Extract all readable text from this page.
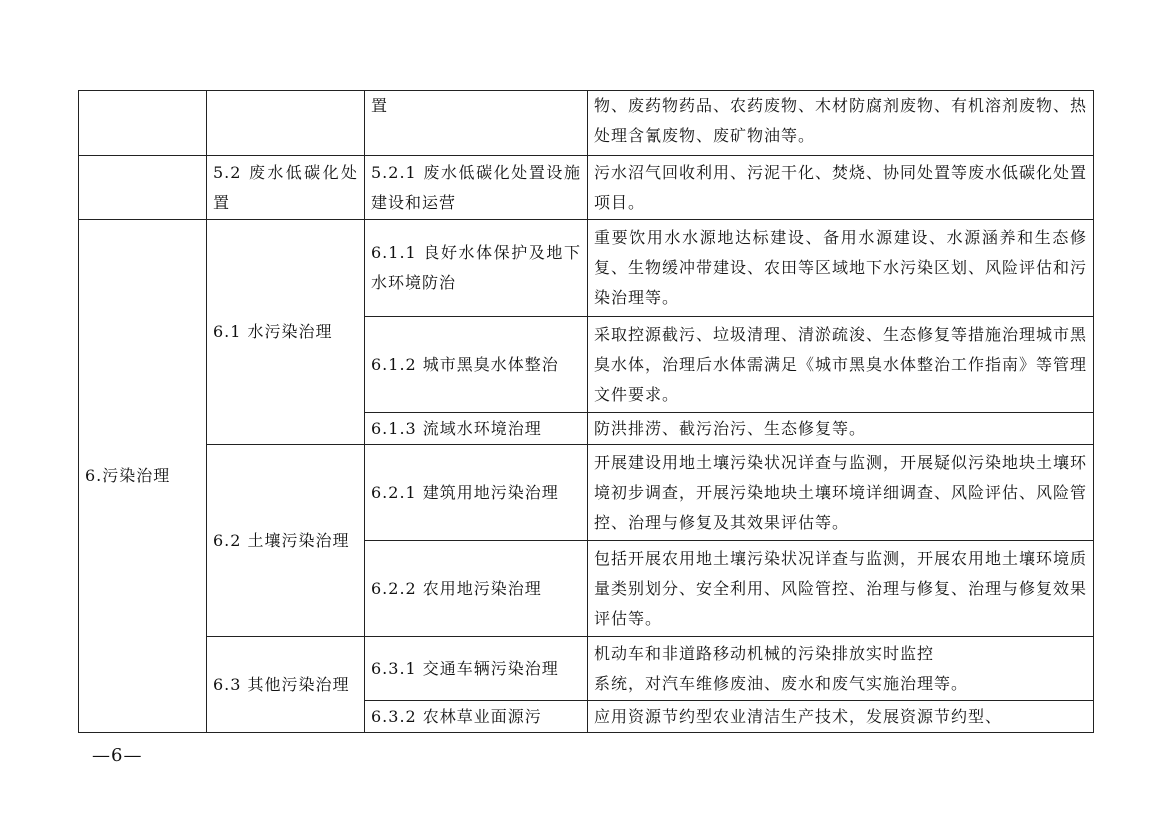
		置	物、废药物药品、农药废物、木材防腐剂废物、有机溶剂废物、热处理含氰废物、废矿物油等。
	5.2 废水低碳化处置	5.2.1 废水低碳化处置设施建设和运营	污水沼气回收利用、污泥干化、焚烧、协同处置等废水低碳化处置项目。
6.污染治理	6.1 水污染治理	6.1.1 良好水体保护及地下水环境防治	重要饮用水水源地达标建设、备用水源建设、水源涵养和生态修复、生物缓冲带建设、农田等区域地下水污染区划、风险评估和污染治理等。
		6.1.2 城市黑臭水体整治	采取控源截污、垃圾清理、清淤疏浚、生态修复等措施治理城市黑臭水体，治理后水体需满足《城市黑臭水体整治工作指南》等管理文件要求。
		6.1.3 流域水环境治理	防洪排涝、截污治污、生态修复等。
	6.2 土壤污染治理	6.2.1 建筑用地污染治理	开展建设用地土壤污染状况详查与监测，开展疑似污染地块土壤环境初步调查，开展污染地块土壤环境详细调查、风险评估、风险管控、治理与修复及其效果评估等。
		6.2.2 农用地污染治理	包括开展农用地土壤污染状况详查与监测，开展农用地土壤环境质量类别划分、安全利用、风险管控、治理与修复、治理与修复效果评估等。
	6.3 其他污染治理	6.3.1 交通车辆污染治理	机动车和非道路移动机械的污染排放实时监控
系统，对汽车维修废油、废水和废气实施治理等。

		6.3.2 农林草业面源污	应用资源节约型农业清洁生产技术，发展资源节约型、
—6—
